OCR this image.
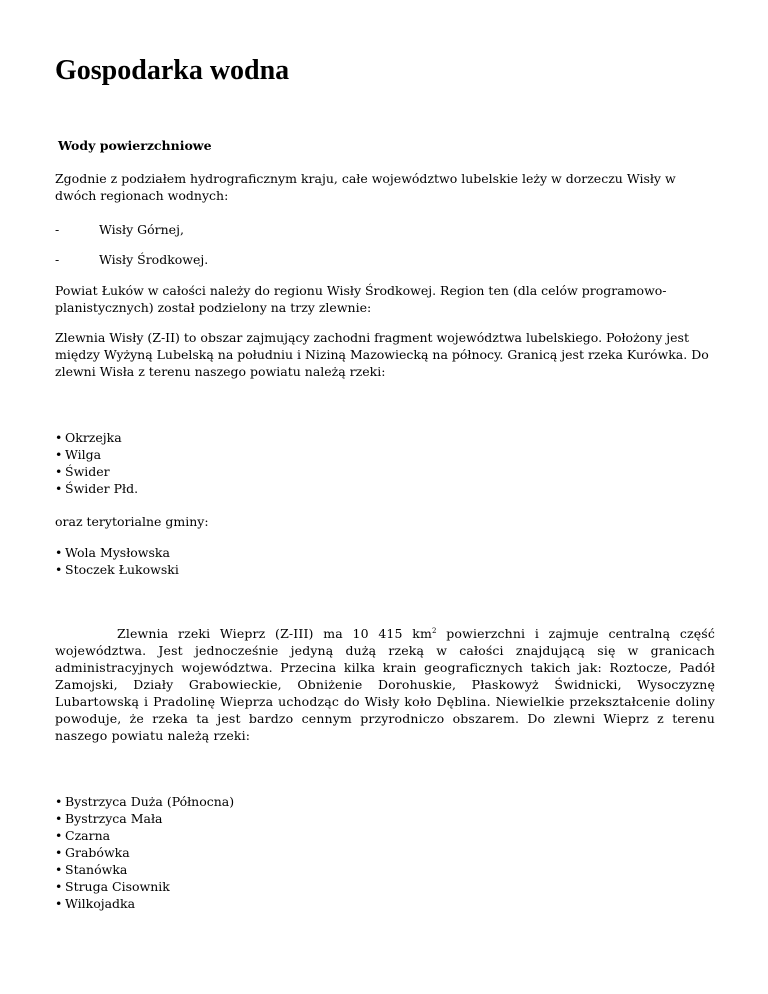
Gospodarka wodna

Wody powierzchniowe

Zgodnie z podziałem hydrograficznym kraju, całe województwo lubelskie leży w dorzeczu Wisły w dwóch regionach wodnych:

-	Wisły Górnej,
-	Wisły Środkowej.

Powiat Łuków w całości należy do regionu Wisły Środkowej. Region ten (dla celów programowo-planistycznych) został podzielony na trzy zlewnie:

Zlewnia Wisły (Z-II) to obszar zajmujący zachodni fragment województwa lubelskiego. Położony jest między Wyżyną Lubelską na południu i Niziną Mazowiecką na północy. Granicą jest rzeka Kurówka. Do zlewni Wisła z terenu naszego powiatu należą rzeki:

• Okrzejka
• Wilga
• Świder
• Świder Płd.

oraz terytorialne gminy:

• Wola Mysłowska
• Stoczek Łukowski

Zlewnia rzeki Wieprz (Z-III) ma 10 415 $km^2$ powierzchni i zajmuje centralną część województwa. Jest jednocześnie jedyną dużą rzeką w całości znajdującą się w granicach administracyjnych województwa. Przecina kilka krain geograficznych takich jak: Roztocze, Padół Zamojski, Działy Grabowieckie, Obniżenie Dorohuskie, Płaskowyż Świdnicki, Wysoczyznę Lubartowską i Pradolinę Wieprza uchodząc do Wisły koło Dęblina. Niewielkie przekształcenie doliny powoduje, że rzeka ta jest bardzo cennym przyrodniczo obszarem. Do zlewni Wieprz z terenu naszego powiatu należą rzeki:

• Bystrzyca Duża (Północna)
• Bystrzyca Mała
• Czarna
• Grabówka
• Stanówka
• Struga Cisownik
• Wilkojadka
